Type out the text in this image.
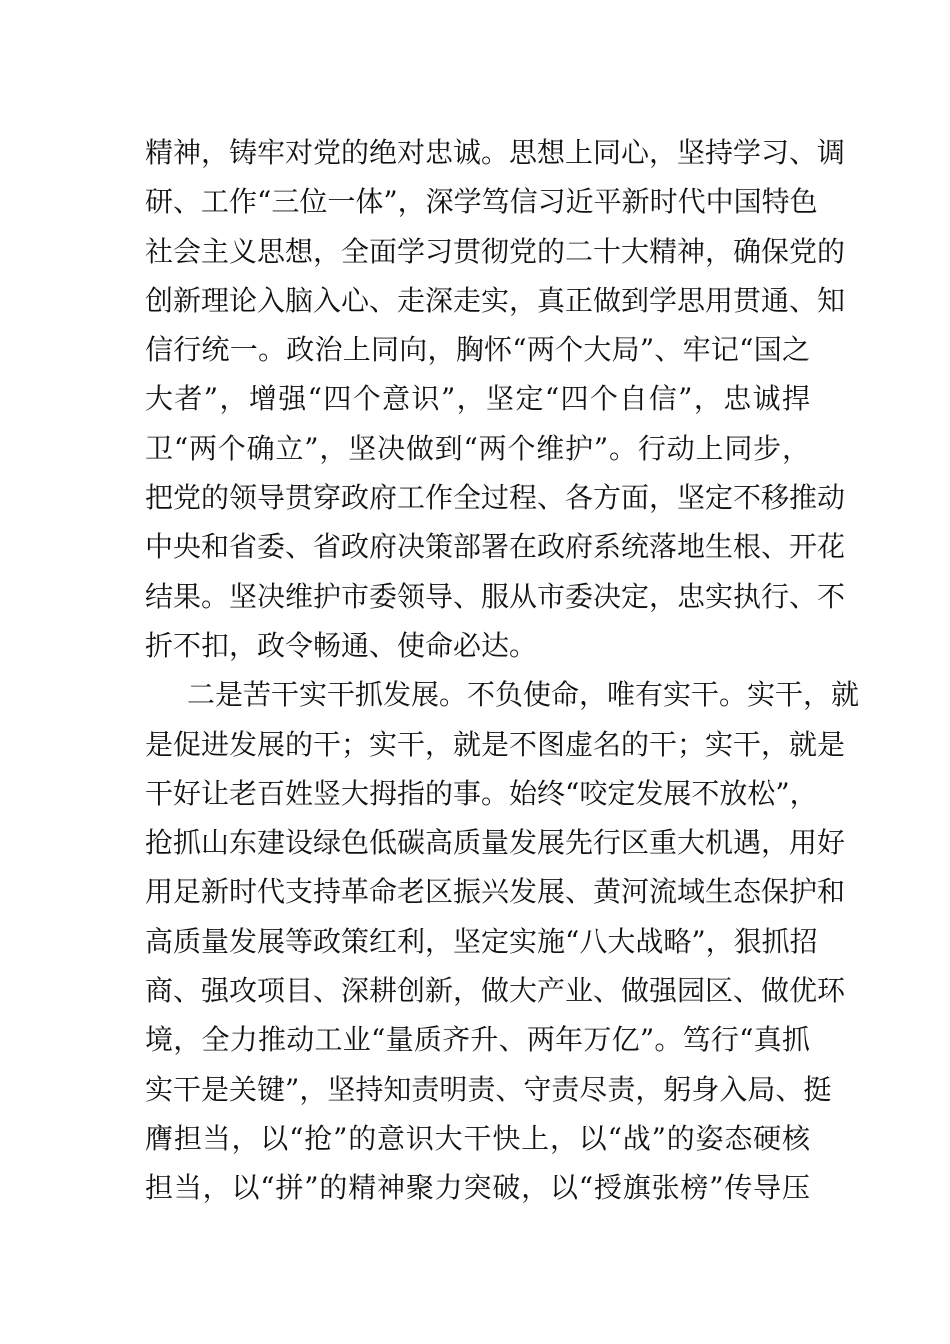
精神，铸牢对党的绝对忠诚。思想上同心，坚持学习、调
研、工作“三位一体”，深学笃信习近平新时代中国特色
社会主义思想，全面学习贯彻党的二十大精神，确保党的
创新理论入脑入心、走深走实，真正做到学思用贯通、知
信行统一。政治上同向，胸怀“两个大局”、牢记“国之
大者”，增强“四个意识”，坚定“四个自信”，忠诚捍
卫“两个确立”，坚决做到“两个维护”。行动上同步，
把党的领导贯穿政府工作全过程、各方面，坚定不移推动
中央和省委、省政府决策部署在政府系统落地生根、开花
结果。坚决维护市委领导、服从市委决定，忠实执行、不
折不扣，政令畅通、使命必达。
二是苦干实干抓发展。不负使命，唯有实干。实干，就
是促进发展的干；实干，就是不图虚名的干；实干，就是
干好让老百姓竖大拇指的事。始终“咬定发展不放松”，
抢抓山东建设绿色低碳高质量发展先行区重大机遇，用好
用足新时代支持革命老区振兴发展、黄河流域生态保护和
高质量发展等政策红利，坚定实施“八大战略”，狠抓招
商、强攻项目、深耕创新，做大产业、做强园区、做优环
境，全力推动工业“量质齐升、两年万亿”。笃行“真抓
实干是关键”，坚持知责明责、守责尽责，躬身入局、挺
膺担当，以“抢”的意识大干快上，以“战”的姿态硬核
担当，以“拼”的精神聚力突破，以“授旗张榜”传导压
